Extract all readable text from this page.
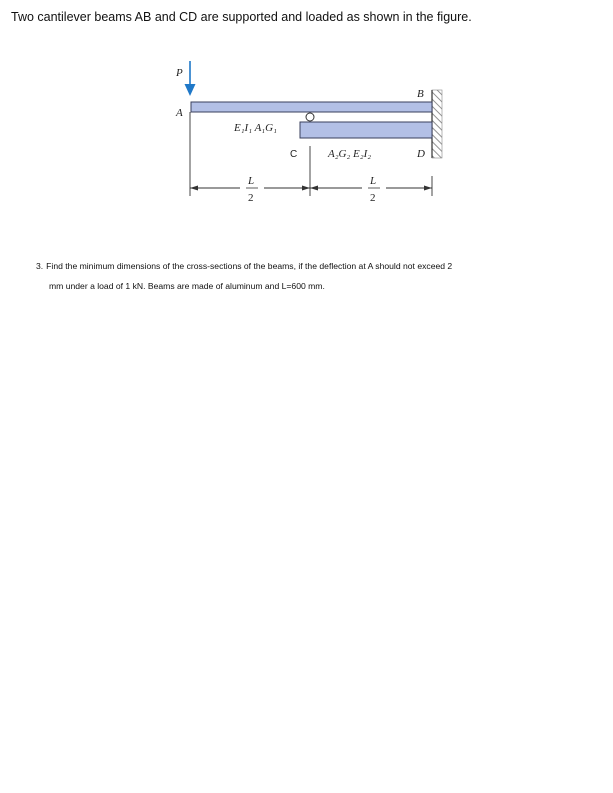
Two cantilever beams AB and CD are supported and loaded as shown in the figure.

P
A
B
D
E₁I₁ A₁G₁
C	A₂G₂ E₂I₂
L
2
L
2

3. Find the minimum dimensions of the cross-sections of the beams, if the deflection at A should not exceed 2
mm under a load of 1 kN. Beams are made of aluminum and L=600 mm.
